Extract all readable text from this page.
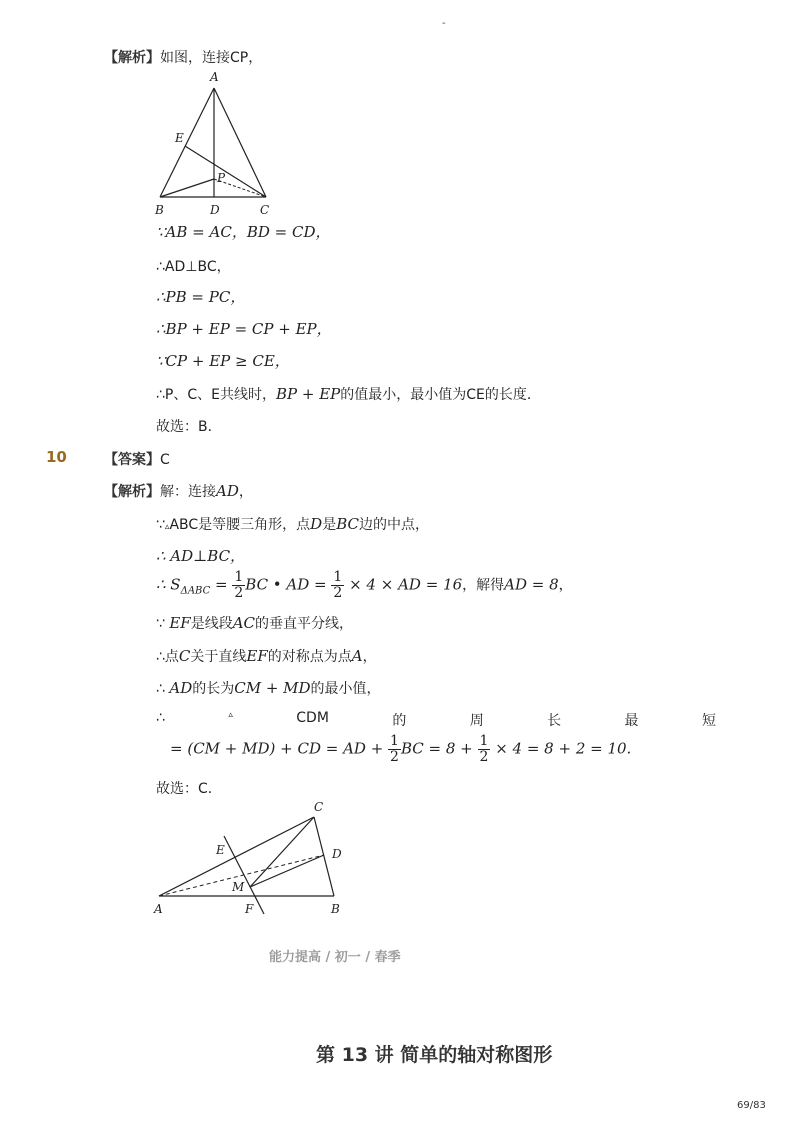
-
【解析】如图，连接CP，
A
E
P
B	D	C
∵AB = AC，BD = CD，
∴AD⊥BC，
∴PB = PC，
∴BP + EP = CP + EP，
∵CP + EP ≥ CE，
∴P、C、E共线时，BP + EP的值最小，最小值为CE的长度．
故选：B．
10	【答案】C
【解析】解：连接AD，
∵▵ABC是等腰三角形，点D是BC边的中点，
∴ AD⊥BC，
∴ $S_{\Delta ABC} = \frac{1}{2}$ BC • AD = $\frac{1}{2} \times 4$ × AD = 16，解得AD = 8，
∵ EF是线段AC的垂直平分线，
∴点C关于直线EF的对称点为点A，
∴ AD的长为CM + MD的最小值，
∴	▵	CDM	的	周	长	最	短
= (CM + MD) + CD = AD + $\frac{1}{2}$ BC = $8 + \frac{1}{2} \times 4 = 8 + 2 = 10$.
故选：C．
C
E	D
M
A	F	B
能力提高 / 初一 / 春季
第 13 讲 简单的轴对称图形
69/83
